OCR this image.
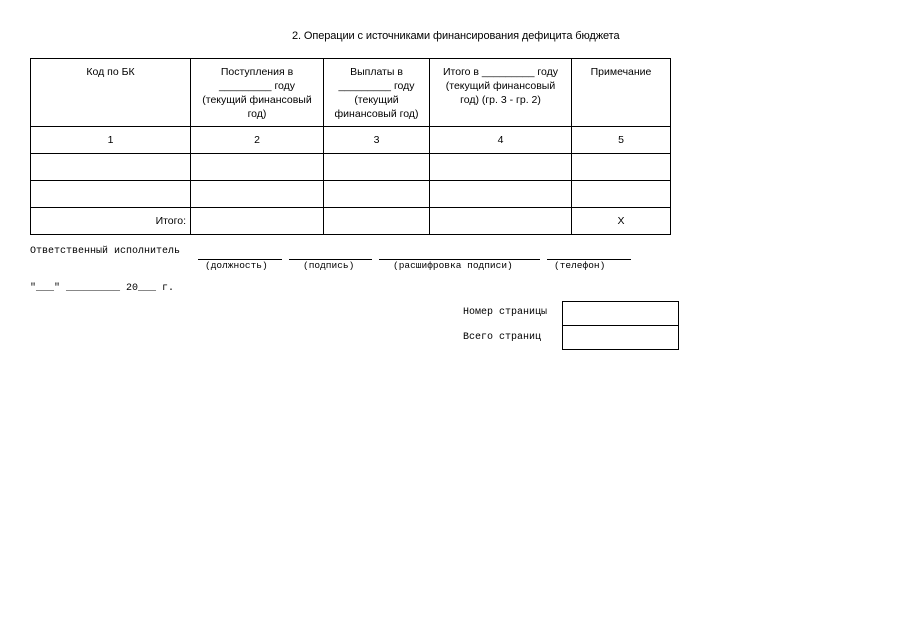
2. Операции с источниками финансирования дефицита бюджета
Код по БК	Поступления в _________ году (текущий финансовый год)	Выплаты в _________ году (текущий финансовый год)	Итого в _________ году (текущий финансовый год) (гр. 3 - гр. 2)	Примечание
1	2	3	4	5

Итого:				X
Ответственный исполнитель
(должность)	(подпись)	(расшифровка подписи)	(телефон)
"___" _________ 20___ г.
Номер страницы
Всего страниц
